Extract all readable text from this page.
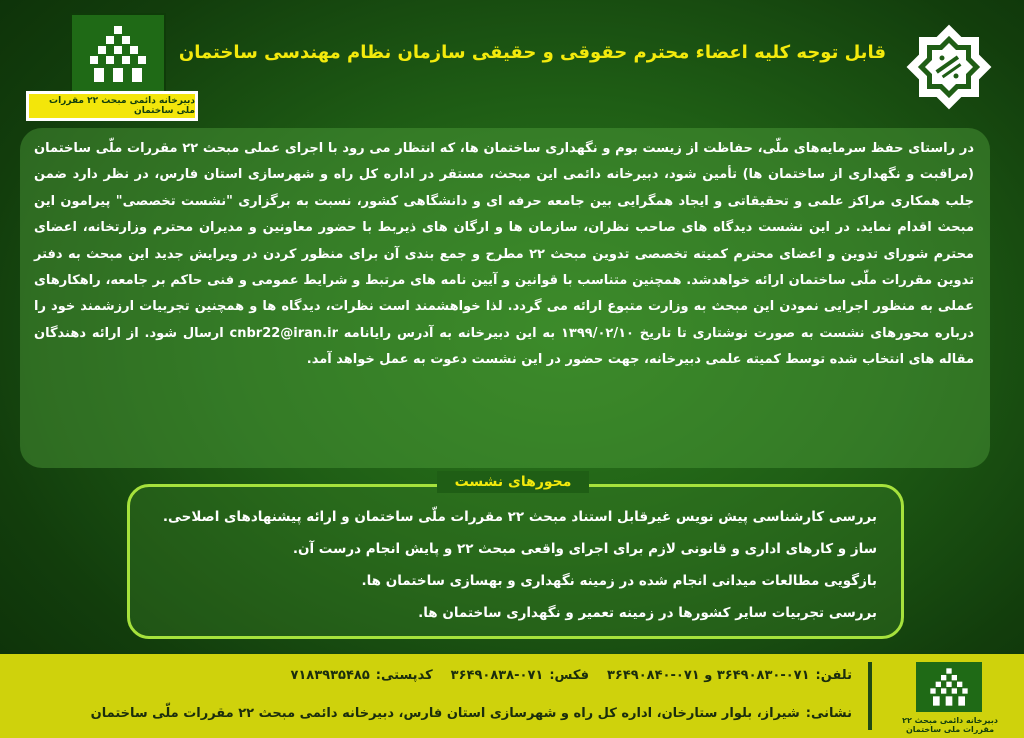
دبیرخانه دائمی مبحث ۲۲ مقررات ملی ساختمان
قابل توجه کلیه اعضاء محترم حقوقی و حقیقی سازمان نظام مهندسی ساختمان
در راستای حفظ سرمایه‌های ملّی، حفاظت از زیست بوم و نگهداری ساختمان ها، که انتظار می رود با اجرای عملی مبحث ۲۲ مقررات ملّی ساختمان (مراقبت و نگهداری از ساختمان ها) تأمین شود، دبیرخانه دائمی این مبحث، مستقر در اداره کل راه و شهرسازی استان فارس، در نظر دارد ضمن جلب همکاری مراکز علمی و تحقیقاتی و ایجاد همگرایی بین جامعه حرفه ای و دانشگاهی کشور، نسبت به برگزاری "نشست تخصصی" پیرامون این مبحث اقدام نماید. در این نشست دیدگاه های صاحب نظران، سازمان ها و ارگان های ذیربط با حضور معاونین و مدیران محترم وزارتخانه، اعضای محترم شورای تدوین و اعضای محترم کمیته تخصصی تدوین مبحث ۲۲ مطرح و جمع بندی آن برای منظور کردن در ویرایش جدید این مبحث به دفتر تدوین مقررات ملّی ساختمان ارائه خواهدشد. همچنین متناسب با قوانین و آیین نامه های مرتبط و شرایط عمومی و فنی حاکم بر جامعه، راهکارهای عملی به منظور اجرایی نمودن این مبحث به وزارت متبوع ارائه می گردد. لذا خواهشمند است نظرات، دیدگاه ها و همچنین تجربیات ارزشمند خود را درباره محورهای نشست به صورت نوشتاری تا تاریخ ۱۳۹۹/۰۲/۱۰ به این دبیرخانه به آدرس رایانامه cnbr22@iran.ir ارسال شود. از ارائه دهندگان مقاله های انتخاب شده توسط کمیته علمی دبیرخانه، جهت حضور در این نشست دعوت به عمل خواهد آمد.
بررسی کارشناسی پیش نویس غیرقابل استناد مبحث ۲۲ مقررات ملّی ساختمان و ارائه پیشنهادهای اصلاحی.
ساز و کارهای اداری و قانونی لازم برای اجرای واقعی مبحث ۲۲ و پایش انجام درست آن.
بازگویی مطالعات میدانی انجام شده در زمینه نگهداری و بهسازی ساختمان ها.
بررسی تجربیات سایر کشورها در زمینه تعمیر و نگهداری ساختمان ها.
محورهای نشست
تلفن:۰۷۱-۳۶۴۹۰۸۳۰ و ۰۷۱-۳۶۴۹۰۸۴۰فکس:۰۷۱-۳۶۴۹۰۸۳۸کدپستی:۷۱۸۳۹۳۵۴۸۵
نشانی:شیراز، بلوار ستارخان، اداره کل راه و شهرسازی استان فارس، دبیرخانه دائمی مبحث ۲۲ مقررات ملّی ساختمان	دبیرخانه دائمی مبحث ۲۲ مقررات ملی ساختمان
